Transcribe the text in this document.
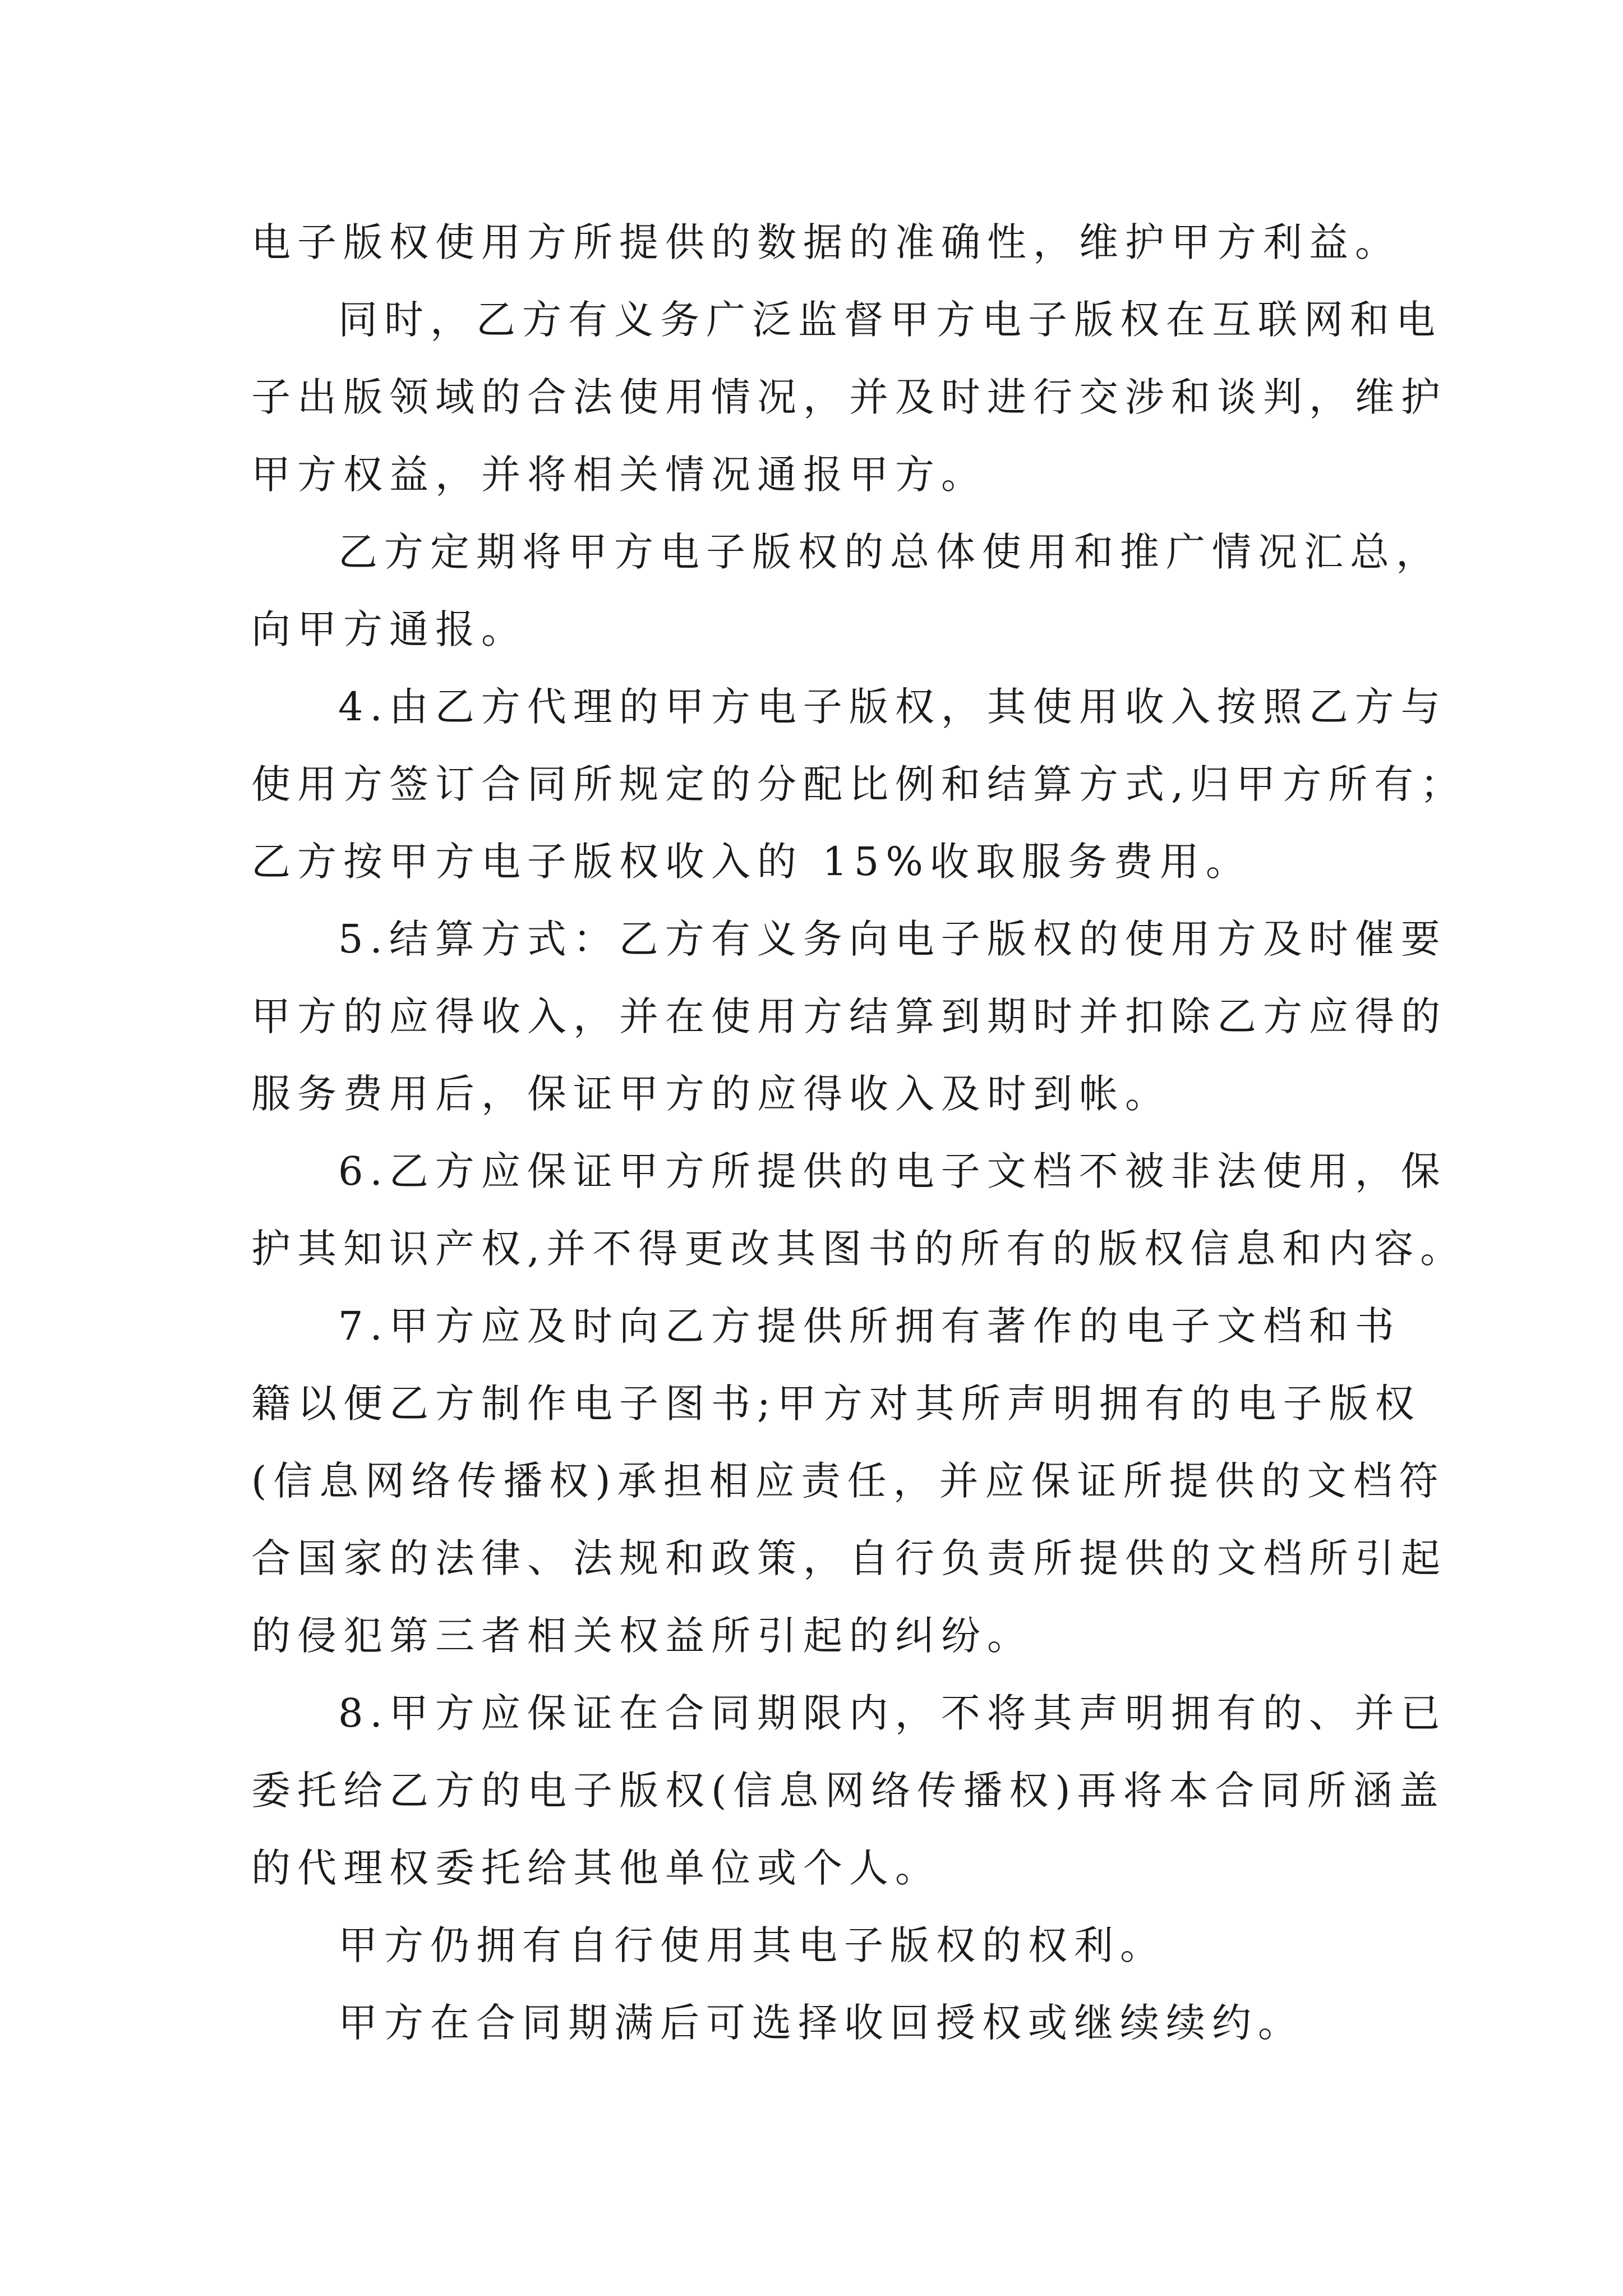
电子版权使用方所提供的数据的准确性，维护甲方利益。
同时，乙方有义务广泛监督甲方电子版权在互联网和电
子出版领域的合法使用情况，并及时进行交涉和谈判，维护
甲方权益，并将相关情况通报甲方。
乙方定期将甲方电子版权的总体使用和推广情况汇总，
向甲方通报。
4.由乙方代理的甲方电子版权，其使用收入按照乙方与
使用方签订合同所规定的分配比例和结算方式,归甲方所有；
乙方按甲方电子版权收入的 15%收取服务费用。
5.结算方式：乙方有义务向电子版权的使用方及时催要
甲方的应得收入，并在使用方结算到期时并扣除乙方应得的
服务费用后，保证甲方的应得收入及时到帐。
6.乙方应保证甲方所提供的电子文档不被非法使用，保
护其知识产权,并不得更改其图书的所有的版权信息和内容。
7.甲方应及时向乙方提供所拥有著作的电子文档和书
籍以便乙方制作电子图书;甲方对其所声明拥有的电子版权
(信息网络传播权)承担相应责任，并应保证所提供的文档符
合国家的法律、法规和政策，自行负责所提供的文档所引起
的侵犯第三者相关权益所引起的纠纷。
8.甲方应保证在合同期限内，不将其声明拥有的、并已
委托给乙方的电子版权(信息网络传播权)再将本合同所涵盖
的代理权委托给其他单位或个人。
甲方仍拥有自行使用其电子版权的权利。
甲方在合同期满后可选择收回授权或继续续约。
